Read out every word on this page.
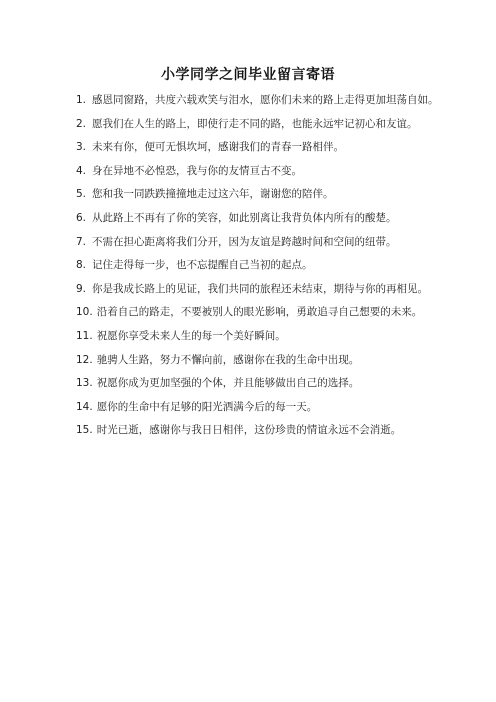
小学同学之间毕业留言寄语
1. 感恩同窗路，共度六载欢笑与泪水，愿你们未来的路上走得更加坦荡自如。
2. 愿我们在人生的路上，即使行走不同的路，也能永远牢记初心和友谊。
3. 未来有你，便可无惧坎坷，感谢我们的青春一路相伴。
4. 身在异地不必惶恐，我与你的友情亘古不变。
5. 您和我一同跌跌撞撞地走过这六年，谢谢您的陪伴。
6. 从此路上不再有了你的笑容，如此别离让我背负体内所有的酸楚。
7. 不需在担心距离将我们分开，因为友谊是跨越时间和空间的纽带。
8. 记住走得每一步，也不忘提醒自己当初的起点。
9. 你是我成长路上的见证，我们共同的旅程还未结束，期待与你的再相见。
10. 沿着自己的路走，不要被别人的眼光影响，勇敢追寻自己想要的未来。
11. 祝愿你享受未来人生的每一个美好瞬间。
12. 驰骋人生路，努力不懈向前，感谢你在我的生命中出现。
13. 祝愿你成为更加坚强的个体，并且能够做出自己的选择。
14. 愿你的生命中有足够的阳光洒满今后的每一天。
15. 时光已逝，感谢你与我日日相伴，这份珍贵的情谊永远不会消逝。
